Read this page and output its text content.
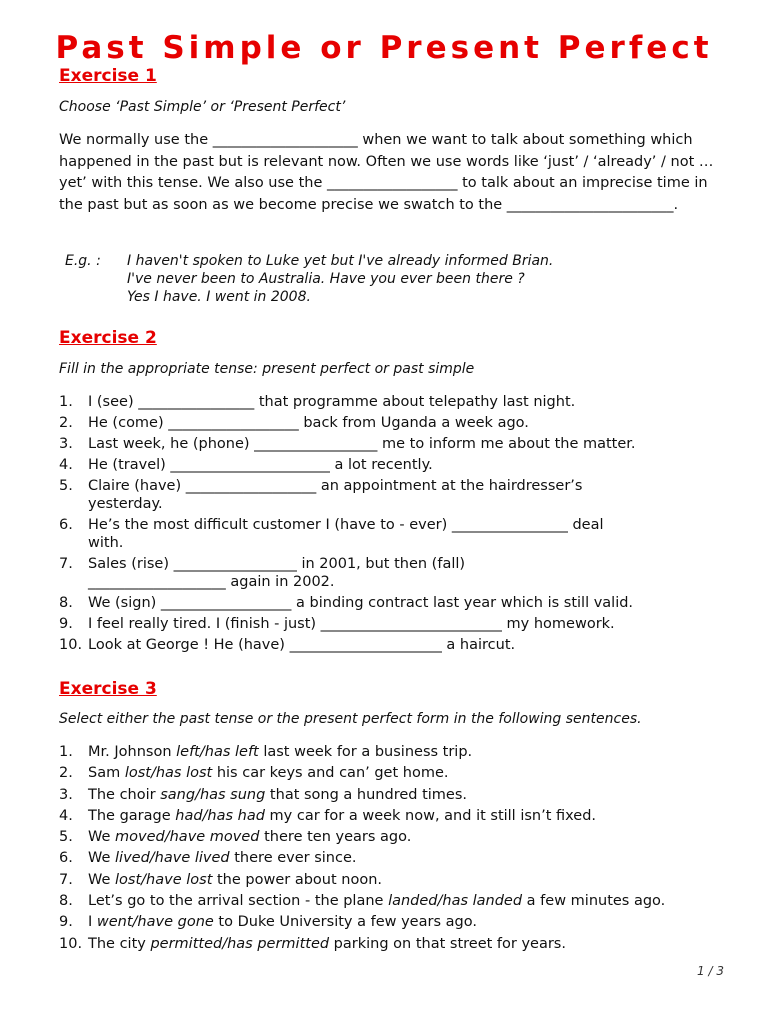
Past Simple or Present Perfect
Exercise 1

Choose ‘Past Simple’ or ‘Present Perfect’

We normally use the ____________________ when we want to talk about something which happened in the past but is relevant now. Often we use words like ‘just’ / ‘already’ / not … yet’ with this tense. We also use the __________________ to talk about an imprecise time in the past but as soon as we become precise we swatch to the _______________________.

E.g. :	I haven't spoken to Luke yet but I've already informed Brian.
I've never been to Australia. Have you ever been there ?
Yes I have. I went in 2008.
Exercise 2

Fill in the appropriate tense: present perfect or past simple

1. I (see) ________________ that programme about telepathy last night.
2. He (come) __________________ back from Uganda a week ago.
3. Last week, he (phone) _________________ me to inform me about the matter.
4. He (travel) ______________________ a lot recently.
5. Claire (have) __________________ an appointment at the hairdresser’s
yesterday.
6. He’s the most difficult customer I (have to - ever) ________________ deal
with.
7. Sales (rise) _________________ in 2001, but then (fall)
___________________ again in 2002.
8. We (sign) __________________ a binding contract last year which is still valid.
9. I feel really tired. I (finish - just) _________________________ my homework.
10. Look at George ! He (have) _____________________ a haircut.
Exercise 3

Select either the past tense or the present perfect form in the following sentences.

1. Mr. Johnson left/has left last week for a business trip.
2. Sam lost/has lost his car keys and can’ get home.
3. The choir sang/has sung that song a hundred times.
4. The garage had/has had my car for a week now, and it still isn’t fixed.
5. We moved/have moved there ten years ago.
6. We lived/have lived there ever since.
7. We lost/have lost the power about noon.
8. Let’s go to the arrival section - the plane landed/has landed a few minutes ago.
9. I went/have gone to Duke University a few years ago.
10. The city permitted/has permitted parking on that street for years.
1 / 3
